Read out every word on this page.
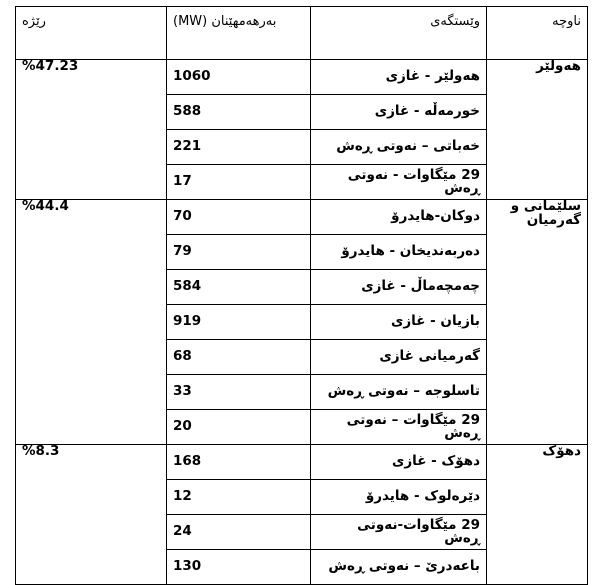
ناوچە	وێستگەی	بەرهەمهێنان (MW)	رێژە
هەولێر	هەولێر - غازی	1060	%47.23
	خورمەڵە - غازی	588	
	خەباتی – نەوتی ڕەش	221	
	29 مێگاوات - نەوتی ڕەش	17	
سلێمانی و گەرمیان	دوکان-هایدرۆ	70	%44.4
	دەربەندیخان - هایدرۆ	79	
	چەمچەماڵ - غازی	584	
	بازیان - غازی	919	
	گەرمیانی غازی	68	
	تاسلوجە – نەوتی ڕەش	33	
	29 مێگاوات – نەوتی ڕەش	20	
دهۆک	دهۆک - غازی	168	%8.3
	دێرەلوک - هایدرۆ	12	
	29 مێگاوات-نەوتی ڕەش	24	
	باعەدرێ – نەوتی ڕەش	130	
